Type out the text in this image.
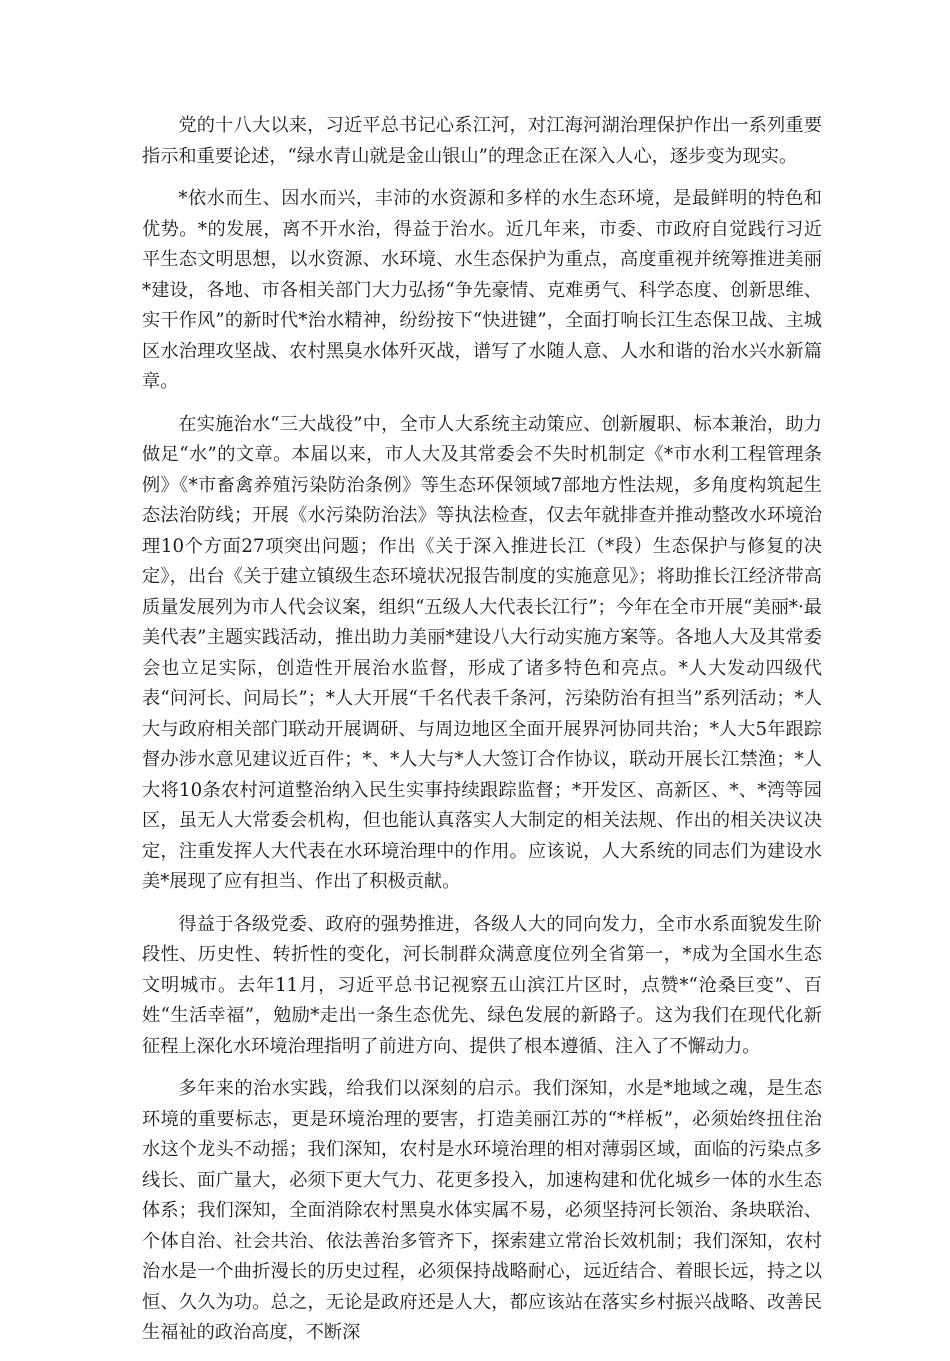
党的十八大以来，习近平总书记心系江河，对江海河湖治理保护作出一系列重要指示和重要论述，“绿水青山就是金山银山”的理念正在深入人心，逐步变为现实。

*依水而生、因水而兴，丰沛的水资源和多样的水生态环境，是最鲜明的特色和优势。*的发展，离不开水治，得益于治水。近几年来，市委、市政府自觉践行习近平生态文明思想，以水资源、水环境、水生态保护为重点，高度重视并统筹推进美丽*建设，各地、市各相关部门大力弘扬“争先豪情、克难勇气、科学态度、创新思维、实干作风”的新时代*治水精神，纷纷按下“快进键”，全面打响长江生态保卫战、主城区水治理攻坚战、农村黑臭水体歼灭战，谱写了水随人意、人水和谐的治水兴水新篇章。

在实施治水“三大战役”中，全市人大系统主动策应、创新履职、标本兼治，助力做足“水”的文章。本届以来，市人大及其常委会不失时机制定《*市水利工程管理条例》《*市畜禽养殖污染防治条例》等生态环保领域7部地方性法规，多角度构筑起生态法治防线；开展《水污染防治法》等执法检查，仅去年就排查并推动整改水环境治理10个方面27项突出问题；作出《关于深入推进长江（*段）生态保护与修复的决定》，出台《关于建立镇级生态环境状况报告制度的实施意见》；将助推长江经济带高质量发展列为市人代会议案，组织“五级人大代表长江行”；今年在全市开展“美丽*·最美代表”主题实践活动，推出助力美丽*建设八大行动实施方案等。各地人大及其常委会也立足实际，创造性开展治水监督，形成了诸多特色和亮点。*人大发动四级代表“问河长、问局长”；*人大开展“千名代表千条河，污染防治有担当”系列活动；*人大与政府相关部门联动开展调研、与周边地区全面开展界河协同共治；*人大5年跟踪督办涉水意见建议近百件；*、*人大与*人大签订合作协议，联动开展长江禁渔；*人大将10条农村河道整治纳入民生实事持续跟踪监督；*开发区、高新区、*、*湾等园区，虽无人大常委会机构，但也能认真落实人大制定的相关法规、作出的相关决议决定，注重发挥人大代表在水环境治理中的作用。应该说，人大系统的同志们为建设水美*展现了应有担当、作出了积极贡献。

得益于各级党委、政府的强势推进，各级人大的同向发力，全市水系面貌发生阶段性、历史性、转折性的变化，河长制群众满意度位列全省第一，*成为全国水生态文明城市。去年11月，习近平总书记视察五山滨江片区时，点赞*“沧桑巨变”、百姓“生活幸福”，勉励*走出一条生态优先、绿色发展的新路子。这为我们在现代化新征程上深化水环境治理指明了前进方向、提供了根本遵循、注入了不懈动力。

多年来的治水实践，给我们以深刻的启示。我们深知，水是*地域之魂，是生态环境的重要标志，更是环境治理的要害，打造美丽江苏的“*样板”，必须始终扭住治水这个龙头不动摇；我们深知，农村是水环境治理的相对薄弱区域，面临的污染点多线长、面广量大，必须下更大气力、花更多投入，加速构建和优化城乡一体的水生态体系；我们深知，全面消除农村黑臭水体实属不易，必须坚持河长领治、条块联治、个体自治、社会共治、依法善治多管齐下，探索建立常治长效机制；我们深知，农村治水是一个曲折漫长的历史过程，必须保持战略耐心，远近结合、着眼长远，持之以恒、久久为功。总之，无论是政府还是人大，都应该站在落实乡村振兴战略、改善民生福祉的政治高度，不断深
